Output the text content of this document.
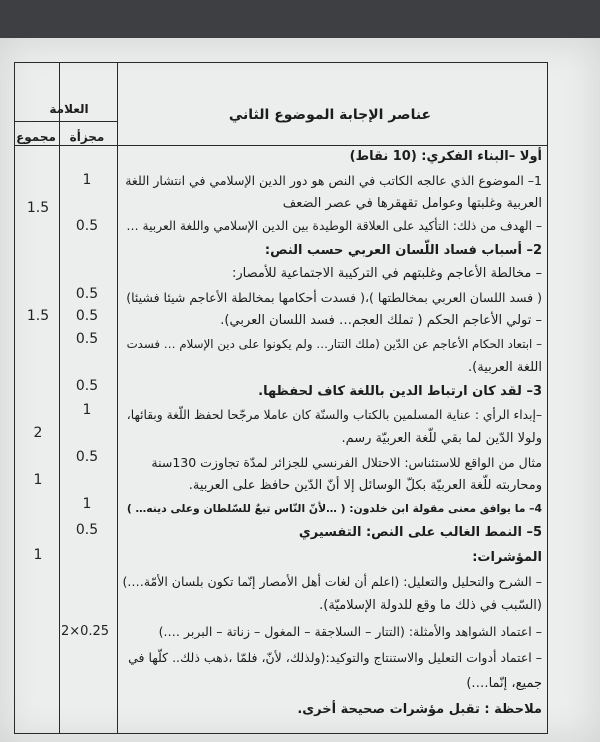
العلامة
مجموع	مجزأة
عناصر الإجابة الموضوع الثاني
أولا –البناء الفكري: (10 نقاط)
1– الموضوع الذي عالجه الكاتب في النص هو دور الدين الإسلامي في انتشار اللغة
العربية وغلبتها وعوامل تقهقرها في عصر الضعف
– الهدف من ذلك: التأكيد على العلاقة الوطيدة بين الدين الإسلامي واللغة العربية …
2– أسباب فساد اللّسان العربي حسب النص:
– مخالطة الأعاجم وغلبتهم في التركيبة الاجتماعية للأمصار:
( فسد اللسان العربي بمخالطتها )،( فسدت أحكامها بمخالطة الأعاجم شيئا فشيئا)
– تولي الأعاجم الحكم ( تملك العجم… فسد اللسان العربي).
– ابتعاد الحكام الأعاجم عن الدّين (ملك التتار… ولم يكونوا على دين الإسلام … فسدت
اللغة العربية).
3– لقد كان ارتباط الدين باللغة كاف لحفظها.
–إبداء الرأي : عناية المسلمين بالكتاب والسنّة كان عاملا مرجّحا لحفظ اللّغة وبقائها،
ولولا الدّين لما بقي للّغة العربيّة رسم.
مثال من الواقع للاستئناس: الاحتلال الفرنسي للجزائر لمدّة تجاوزت 130سنة
ومحاربته للّغة العربيّة بكلّ الوسائل إلا أنّ الدّين حافظ على العربية.
4– ما يوافق معنى مقولة ابن خلدون: ( …لأنّ النّاس تبعٌ للسّلطان وعلى دينه… )
5– النمط الغالب على النص: التفسيري
المؤشرات:
– الشرح والتحليل والتعليل: (اعلم أن لغات أهل الأمصار إنّما تكون بلسان الأمّة….)
(السّبب في ذلك ما وقع للدولة الإسلاميّة).
– اعتماد الشواهد والأمثلة: (التتار – السلاجقة – المغول – زناتة – البربر ….)
– اعتماد أدوات التعليل والاستنتاج والتوكيد:(ولذلك، لأنّ، فلمّا ،ذهب ذلك.. كلّها في
جميع، إنّما….)
ملاحظة : تقبل مؤشرات صحيحة أخرى.
1
0.5
0.5
0.5
0.5
0.5
1
0.5
1
0.5
2×0.25
1.5
1.5
2
1
1
